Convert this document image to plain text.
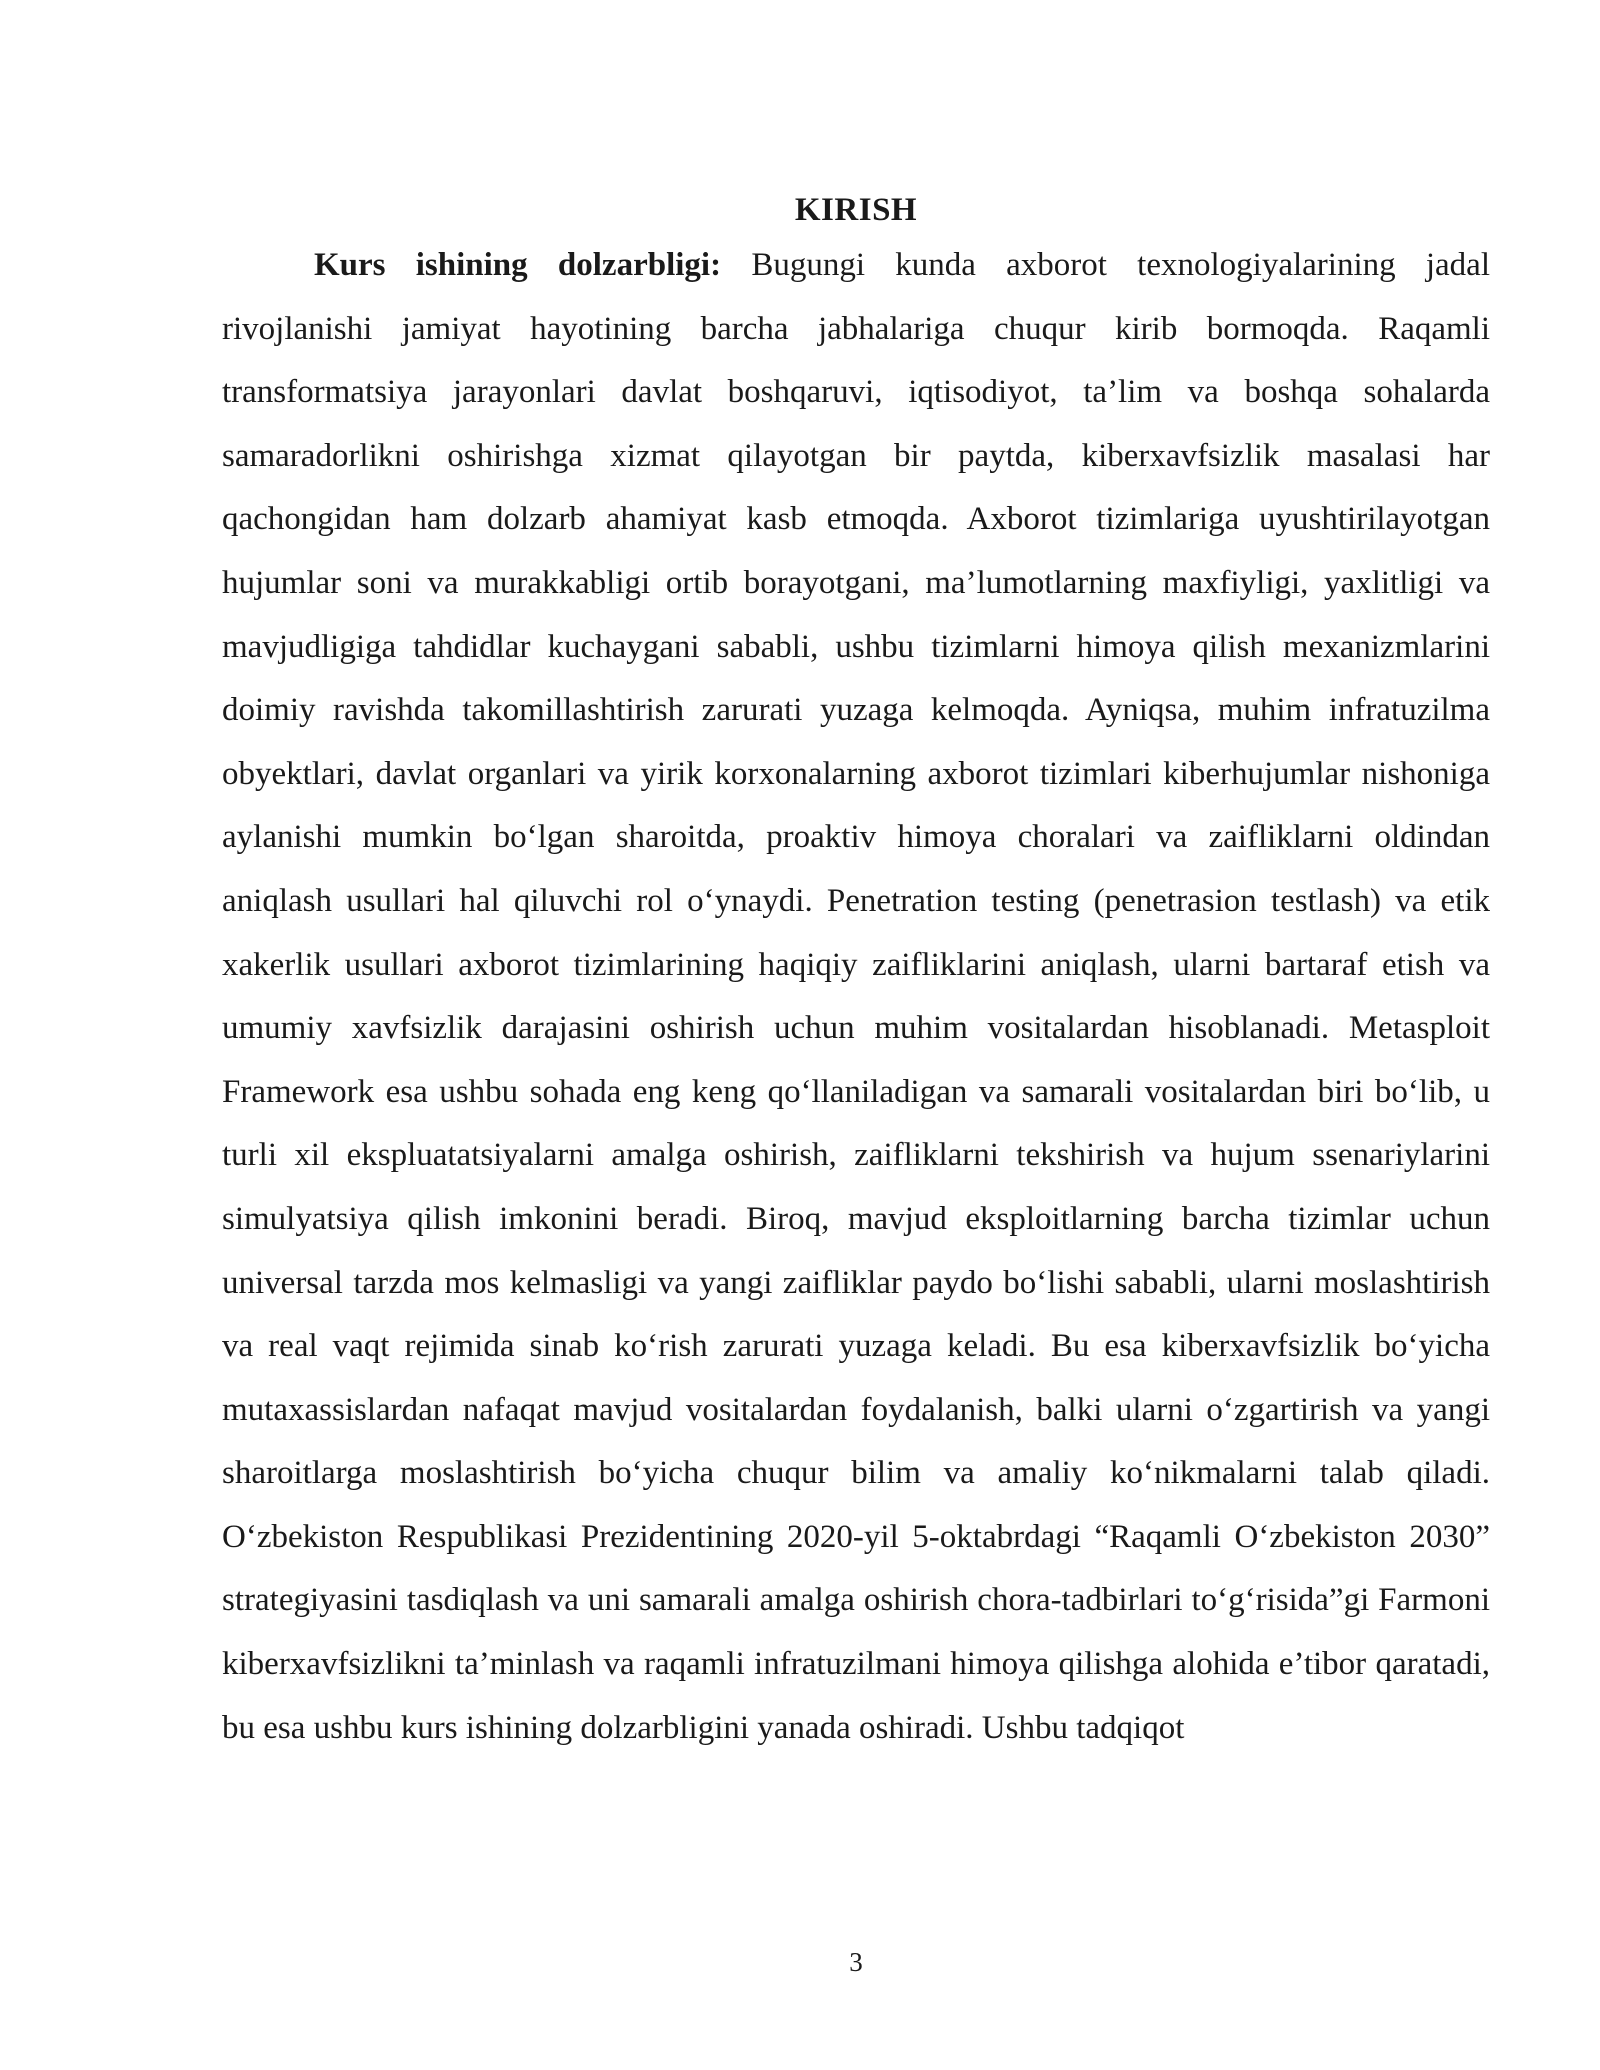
KIRISH

Kurs ishining dolzarbligi: Bugungi kunda axborot texnologiyalarining jadal rivojlanishi jamiyat hayotining barcha jabhalariga chuqur kirib bormoqda. Raqamli transformatsiya jarayonlari davlat boshqaruvi, iqtisodiyot, ta’lim va boshqa sohalarda samaradorlikni oshirishga xizmat qilayotgan bir paytda, kiberxavfsizlik masalasi har qachongidan ham dolzarb ahamiyat kasb etmoqda. Axborot tizimlariga uyushtirilayotgan hujumlar soni va murakkabligi ortib borayotgani, ma’lumotlarning maxfiyligi, yaxlitligi va mavjudligiga tahdidlar kuchaygani sababli, ushbu tizimlarni himoya qilish mexanizmlarini doimiy ravishda takomillashtirish zarurati yuzaga kelmoqda. Ayniqsa, muhim infratuzilma obyektlari, davlat organlari va yirik korxonalarning axborot tizimlari kiberhujumlar nishoniga aylanishi mumkin bo‘lgan sharoitda, proaktiv himoya choralari va zaifliklarni oldindan aniqlash usullari hal qiluvchi rol o‘ynaydi. Penetration testing (penetrasion testlash) va etik xakerlik usullari axborot tizimlarining haqiqiy zaifliklarini aniqlash, ularni bartaraf etish va umumiy xavfsizlik darajasini oshirish uchun muhim vositalardan hisoblanadi. Metasploit Framework esa ushbu sohada eng keng qo‘llaniladigan va samarali vositalardan biri bo‘lib, u turli xil ekspluatatsiyalarni amalga oshirish, zaifliklarni tekshirish va hujum ssenariylarini simulyatsiya qilish imkonini beradi. Biroq, mavjud eksploitlarning barcha tizimlar uchun universal tarzda mos kelmasligi va yangi zaifliklar paydo bo‘lishi sababli, ularni moslashtirish va real vaqt rejimida sinab ko‘rish zarurati yuzaga keladi. Bu esa kiberxavfsizlik bo‘yicha mutaxassislardan nafaqat mavjud vositalardan foydalanish, balki ularni o‘zgartirish va yangi sharoitlarga moslashtirish bo‘yicha chuqur bilim va amaliy ko‘nikmalarni talab qiladi. O‘zbekiston Respublikasi Prezidentining 2020-yil 5-oktabrdagi “Raqamli O‘zbekiston 2030” strategiyasini tasdiqlash va uni samarali amalga oshirish chora-tadbirlari to‘g‘risida”gi Farmoni kiberxavfsizlikni ta’minlash va raqamli infratuzilmani himoya qilishga alohida e’tibor qaratadi, bu esa ushbu kurs ishining dolzarbligini yanada oshiradi. Ushbu tadqiqot

3
